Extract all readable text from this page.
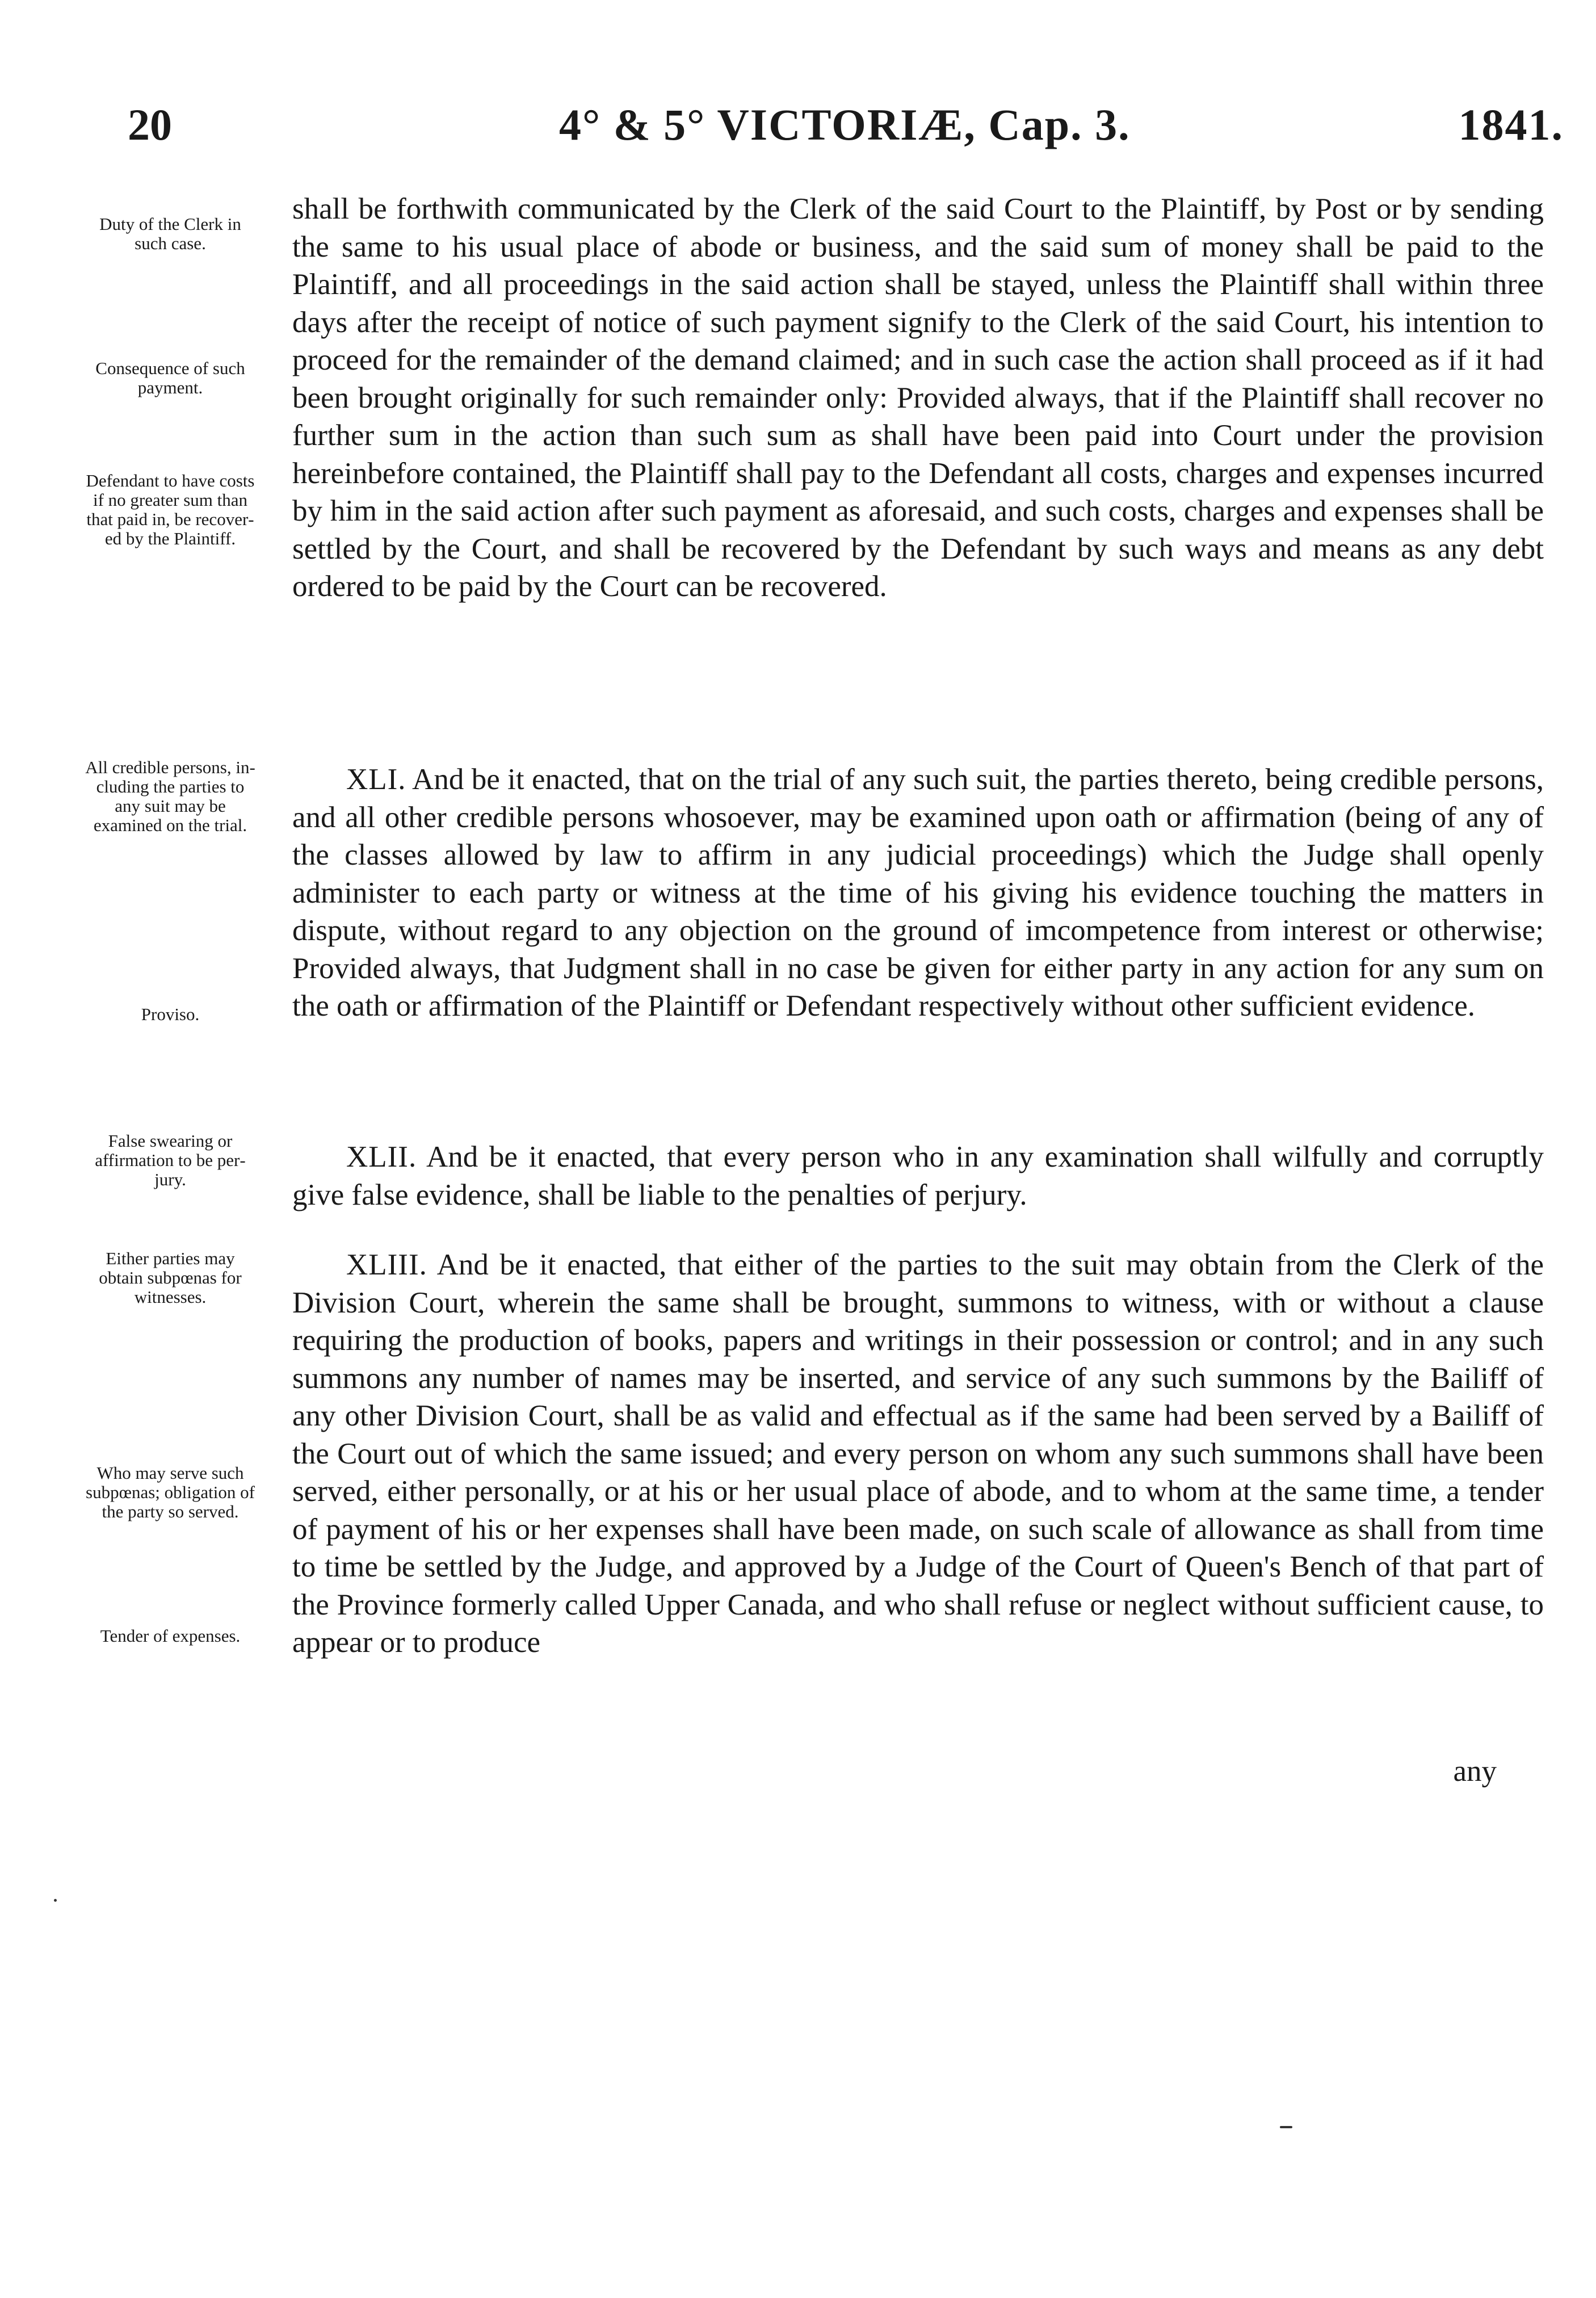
20	4° & 5° VICTORIÆ, Cap. 3.	1841.
Duty of the Clerk in such case.
Consequence of such payment.
Defendant to have costs if no greater sum than that paid in, be recovered by the Plaintiff.
All credible persons, including the parties to any suit may be examined on the trial.
Proviso.
False swearing or affirmation to be perjury.
Either parties may obtain subpœnas for witnesses.
Who may serve such subpœnas; obligation of the party so served.
Tender of expenses.

shall be forthwith communicated by the Clerk of the said Court to the Plaintiff, by Post or by sending the same to his usual place of abode or business, and the said sum of money shall be paid to the Plaintiff, and all proceedings in the said action shall be stayed, unless the Plaintiff shall within three days after the receipt of notice of such payment signify to the Clerk of the said Court, his intention to proceed for the remainder of the demand claimed; and in such case the action shall proceed as if it had been brought originally for such remainder only: Provided always, that if the Plaintiff shall recover no further sum in the action than such sum as shall have been paid into Court under the provision hereinbefore contained, the Plaintiff shall pay to the Defendant all costs, charges and expenses incurred by him in the said action after such payment as aforesaid, and such costs, charges and expenses shall be settled by the Court, and shall be recovered by the Defendant by such ways and means as any debt ordered to be paid by the Court can be recovered.

XLI. And be it enacted, that on the trial of any such suit, the parties thereto, being credible persons, and all other credible persons whosoever, may be examined upon oath or affirmation (being of any of the classes allowed by law to affirm in any judicial proceedings) which the Judge shall openly administer to each party or witness at the time of his giving his evidence touching the matters in dispute, without regard to any objection on the ground of imcompetence from interest or otherwise; Provided always, that Judgment shall in no case be given for either party in any action for any sum on the oath or affirmation of the Plaintiff or Defendant respectively without other sufficient evidence.

XLII. And be it enacted, that every person who in any examination shall wilfully and corruptly give false evidence, shall be liable to the penalties of perjury.

XLIII. And be it enacted, that either of the parties to the suit may obtain from the Clerk of the Division Court, wherein the same shall be brought, summons to witness, with or without a clause requiring the production of books, papers and writings in their possession or control; and in any such summons any number of names may be inserted, and service of any such summons by the Bailiff of any other Division Court, shall be as valid and effectual as if the same had been served by a Bailiff of the Court out of which the same issued; and every person on whom any such summons shall have been served, either personally, or at his or her usual place of abode, and to whom at the same time, a tender of payment of his or her expenses shall have been made, on such scale of allowance as shall from time to time be settled by the Judge, and approved by a Judge of the Court of Queen's Bench of that part of the Province formerly called Upper Canada, and who shall refuse or neglect without sufficient cause, to appear or to produce

any
